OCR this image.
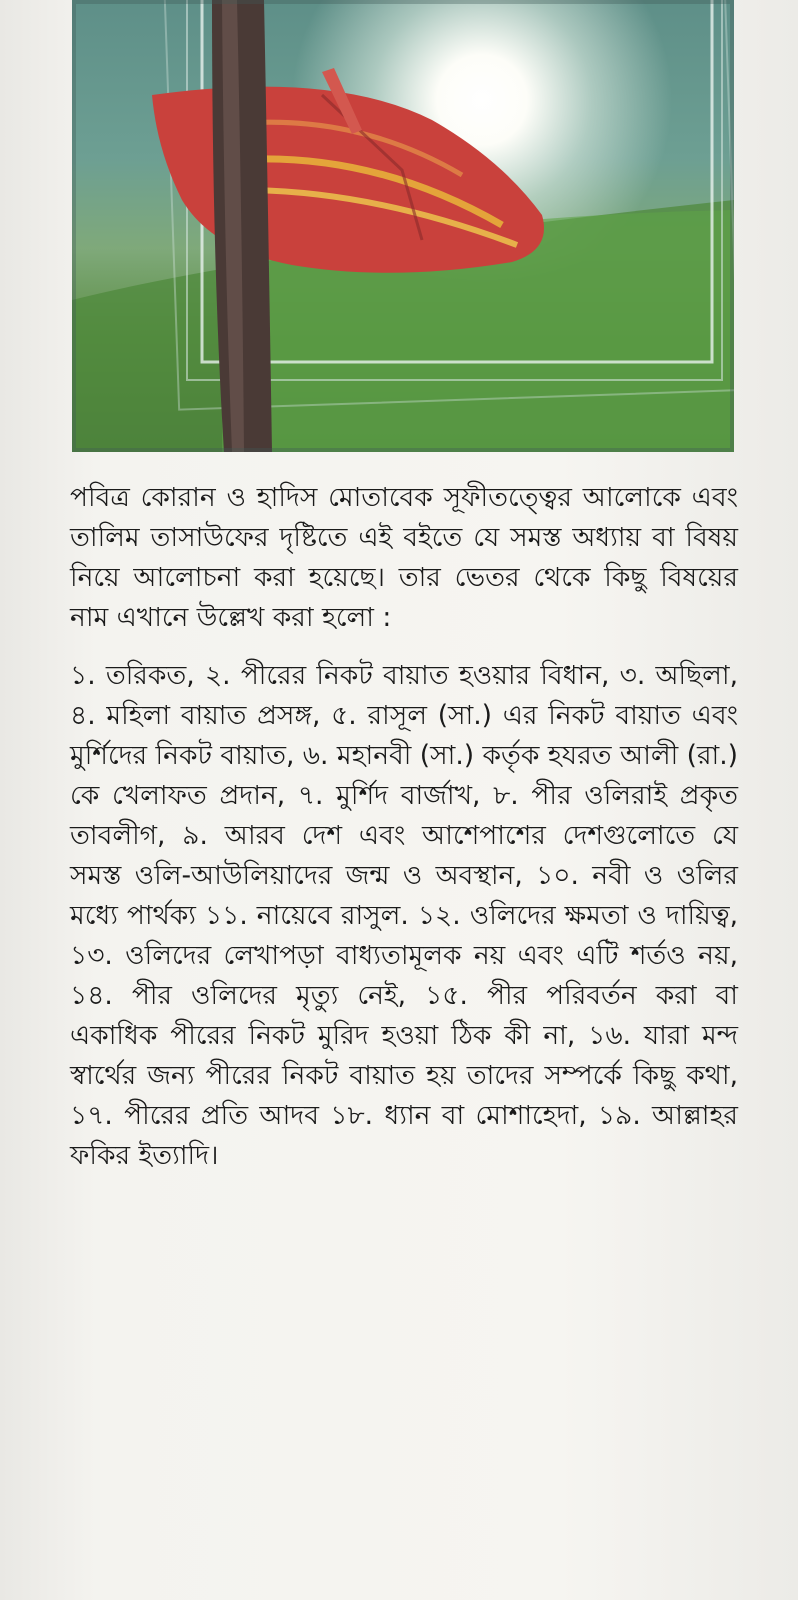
পবিত্র কোরান ও হাদিস মোতাবেক সূফীতত্ত্বের আলোকে এবং তালিম তাসাউফের দৃষ্টিতে এই বইতে যে সমস্ত অধ্যায় বা বিষয় নিয়ে আলোচনা করা হয়েছে। তার ভেতর থেকে কিছু বিষয়ের নাম এখানে উল্লেখ করা হলো :

১. তরিকত, ২. পীরের নিকট বায়াত হওয়ার বিধান, ৩. অছিলা, ৪. মহিলা বায়াত প্রসঙ্গ, ৫. রাসূল (সা.) এর নিকট বায়াত এবং মুর্শিদের নিকট বায়াত, ৬. মহানবী (সা.) কর্তৃক হযরত আলী (রা.) কে খেলাফত প্রদান, ৭. মুর্শিদ বার্জাখ, ৮. পীর ওলিরাই প্রকৃত তাবলীগ, ৯. আরব দেশ এবং আশেপাশের দেশগুলোতে যে সমস্ত ওলি-আউলিয়াদের জন্ম ও অবস্থান, ১০. নবী ও ওলির মধ্যে পার্থক্য ১১. নায়েবে রাসুল. ১২. ওলিদের ক্ষমতা ও দায়িত্ব, ১৩. ওলিদের লেখাপড়া বাধ্যতামূলক নয় এবং এটি শর্তও নয়, ১৪. পীর ওলিদের মৃত্যু নেই, ১৫. পীর পরিবর্তন করা বা একাধিক পীরের নিকট মুরিদ হওয়া ঠিক কী না, ১৬. যারা মন্দ স্বার্থের জন্য পীরের নিকট বায়াত হয় তাদের সম্পর্কে কিছু কথা, ১৭. পীরের প্রতি আদব ১৮. ধ্যান বা মোশাহেদা, ১৯. আল্লাহর ফকির ইত্যাদি।
